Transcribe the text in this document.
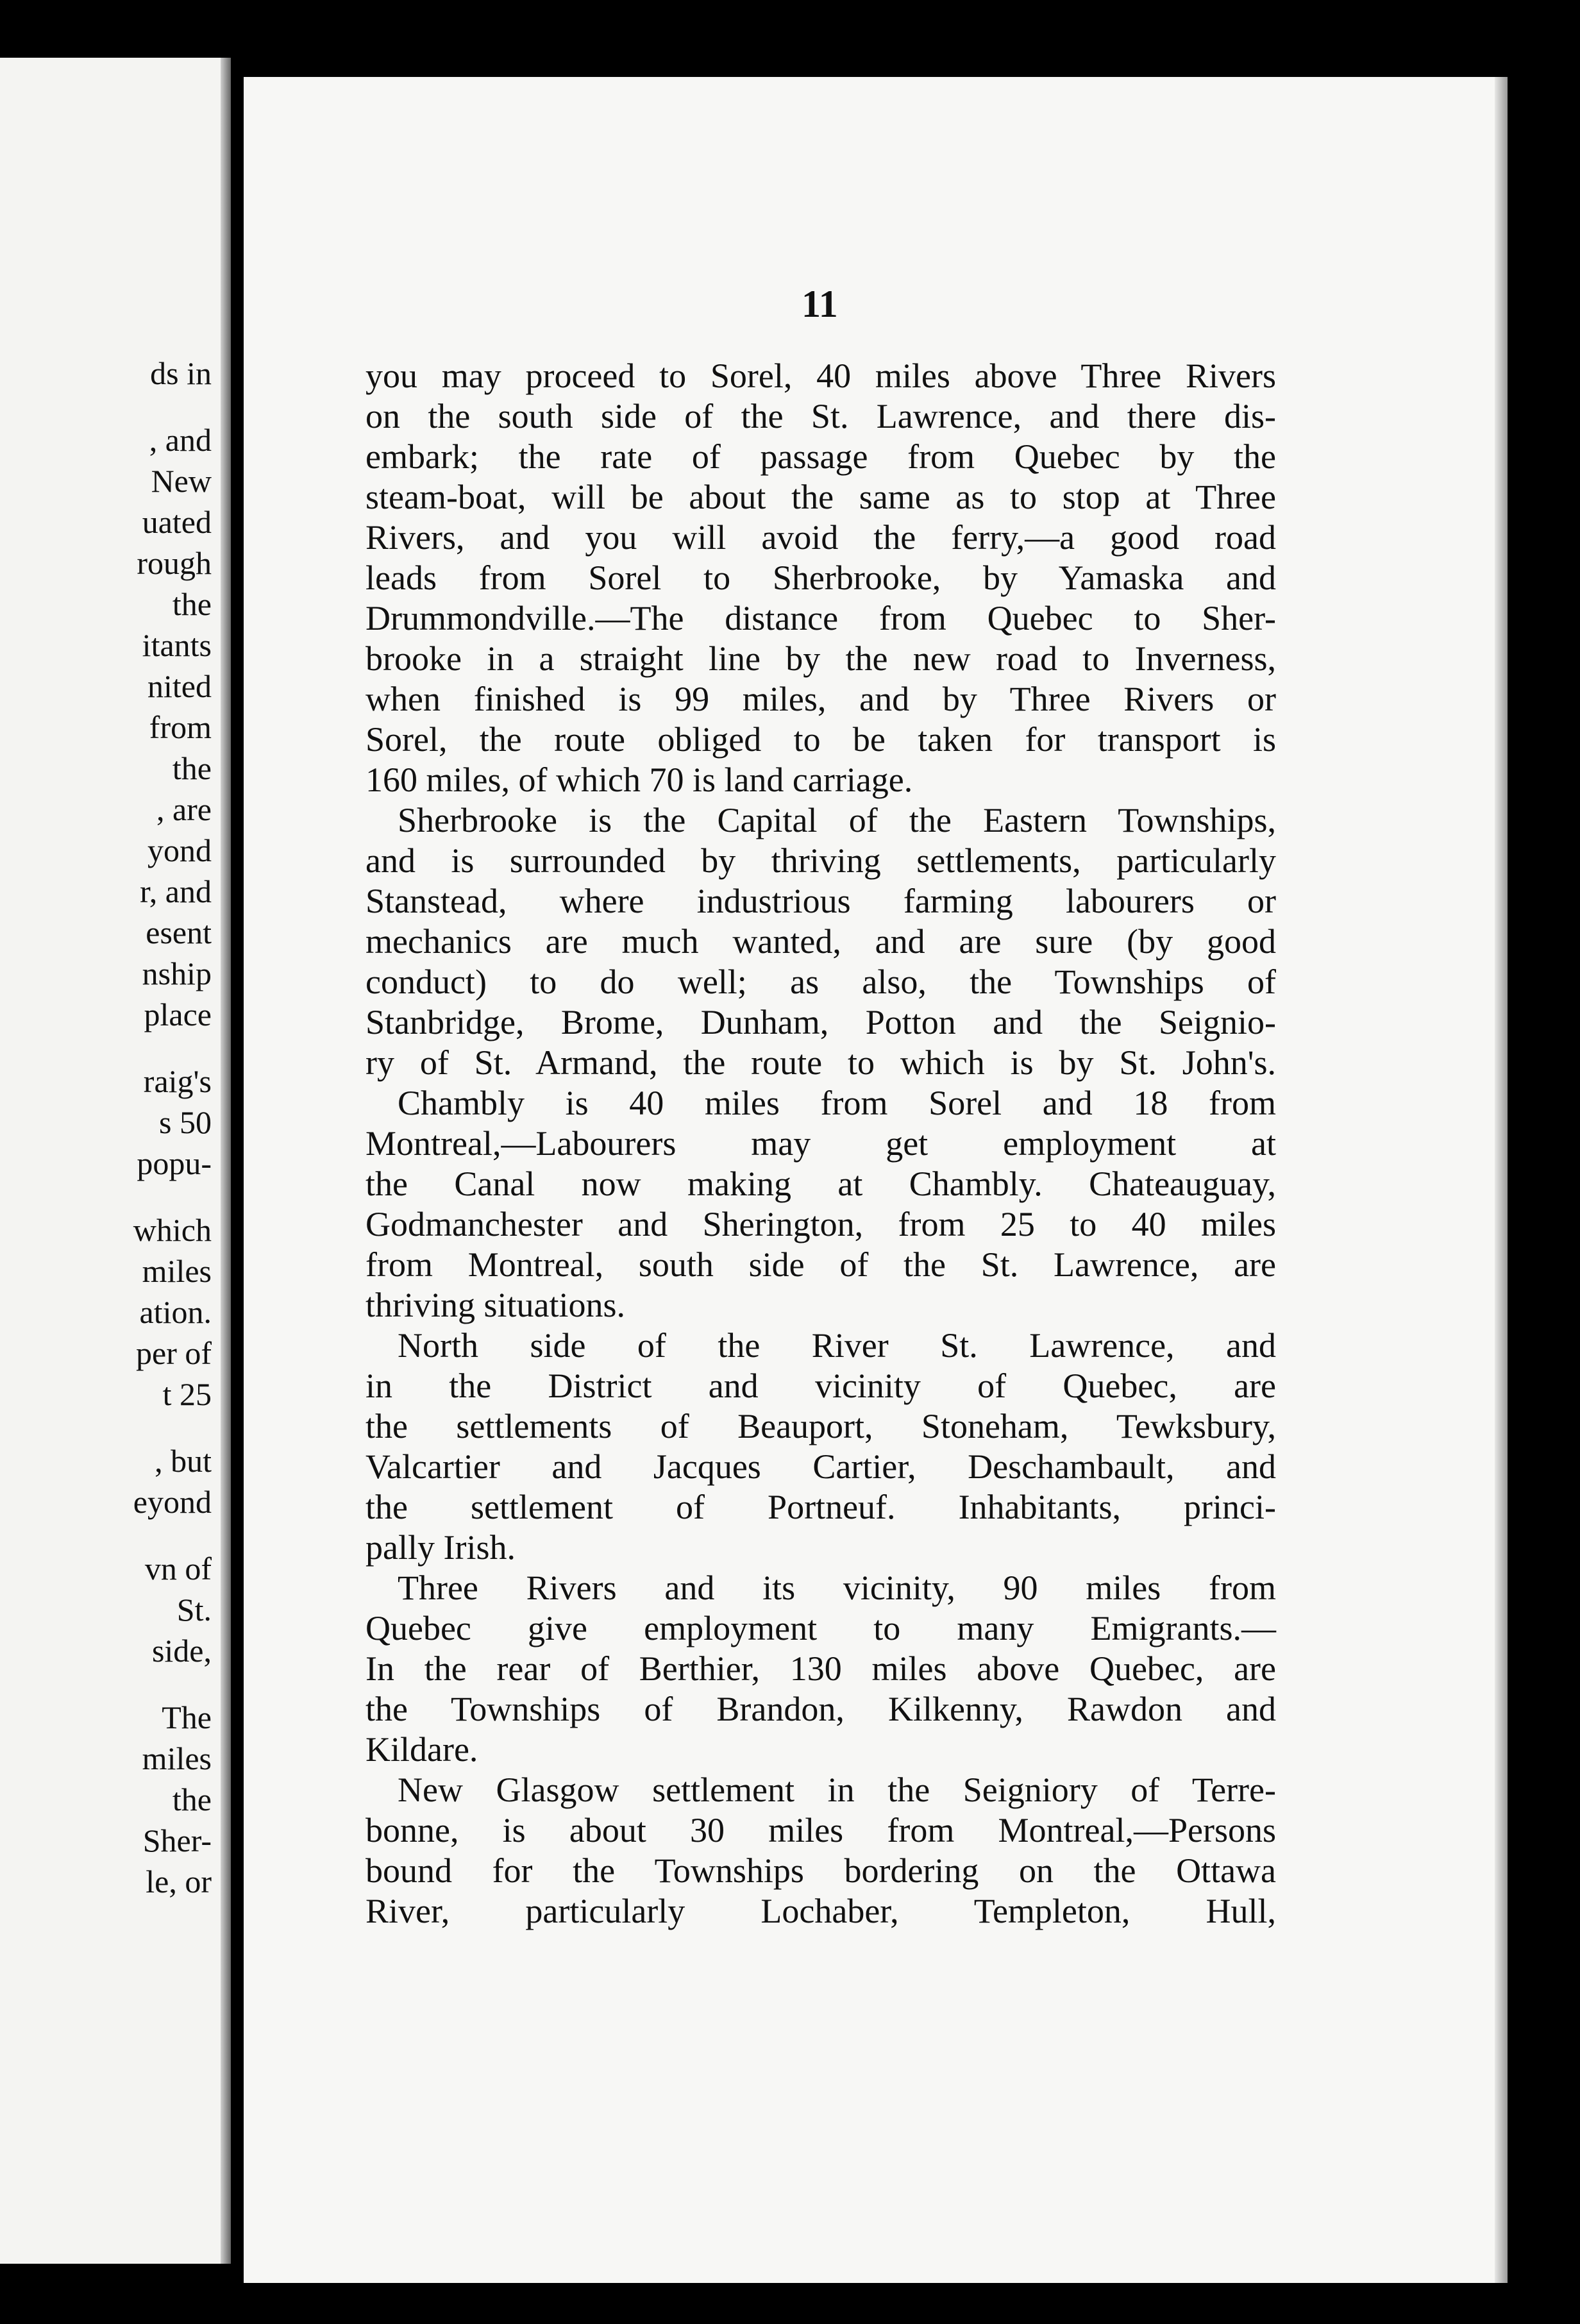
ds in
, and
New
uated
rough
the
itants
nited
from
the
, are
yond
r, and
esent
nship
place
raig's
s 50
popu-
which
miles
ation.
per of
t 25
, but
eyond
vn of
St.
side,
The
miles
the
Sher-
le, or
11
you may proceed to Sorel, 40 miles above Three Rivers
on the south side of the St. Lawrence, and there dis-
embark; the rate of passage from Quebec by the
steam-boat, will be about the same as to stop at Three
Rivers, and you will avoid the ferry,—a good road
leads from Sorel to Sherbrooke, by Yamaska and
Drummondville.—The distance from Quebec to Sher-
brooke in a straight line by the new road to Inverness,
when finished is 99 miles, and by Three Rivers or
Sorel, the route obliged to be taken for transport is
160 miles, of which 70 is land carriage.
Sherbrooke is the Capital of the Eastern Townships,
and is surrounded by thriving settlements, particularly
Stanstead, where industrious farming labourers or
mechanics are much wanted, and are sure (by good
conduct) to do well; as also, the Townships of
Stanbridge, Brome, Dunham, Potton and the Seignio-
ry of St. Armand, the route to which is by St. John's.
Chambly is 40 miles from Sorel and 18 from
Montreal,—Labourers may get employment at
the Canal now making at Chambly. Chateauguay,
Godmanchester and Sherington, from 25 to 40 miles
from Montreal, south side of the St. Lawrence, are
thriving situations.
North side of the River St. Lawrence, and
in the District and vicinity of Quebec, are
the settlements of Beauport, Stoneham, Tewksbury,
Valcartier and Jacques Cartier, Deschambault, and
the settlement of Portneuf. Inhabitants, princi-
pally Irish.
Three Rivers and its vicinity, 90 miles from
Quebec give employment to many Emigrants.—
In the rear of Berthier, 130 miles above Quebec, are
the Townships of Brandon, Kilkenny, Rawdon and
Kildare.
New Glasgow settlement in the Seigniory of Terre-
bonne, is about 30 miles from Montreal,—Persons
bound for the Townships bordering on the Ottawa
River, particularly Lochaber, Templeton, Hull,
